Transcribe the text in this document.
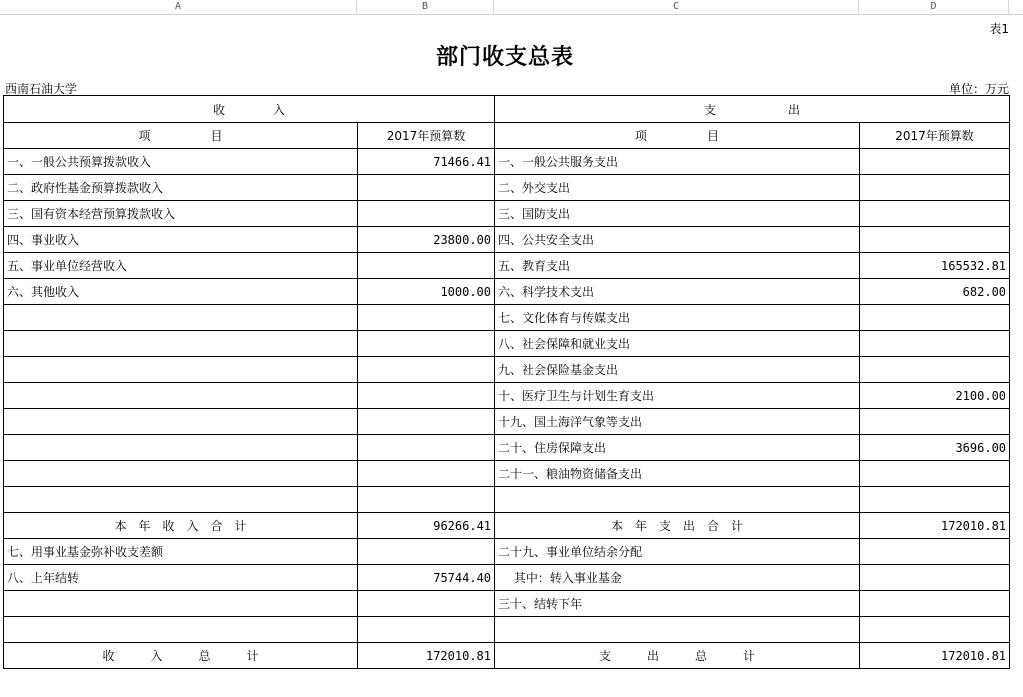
A	B	C	D
表1
部门收支总表
西南石油大学	单位：万元
收　　　　入		支　　　　　　出	
项　　　　　目	2017年预算数	项　　　　　目	2017年预算数
一、一般公共预算拨款收入	71466.41	一、一般公共服务支出	
二、政府性基金预算拨款收入		二、外交支出	
三、国有资本经营预算拨款收入		三、国防支出	
四、事业收入	23800.00	四、公共安全支出	
五、事业单位经营收入		五、教育支出	165532.81
六、其他收入	1000.00	六、科学技术支出	682.00
		七、文化体育与传媒支出	
		八、社会保障和就业支出	
		九、社会保险基金支出	
		十、医疗卫生与计划生育支出	2100.00
		十九、国土海洋气象等支出	
		二十、住房保障支出	3696.00
		二十一、粮油物资储备支出	

本　年　收　入　合　计	96266.41	本　年　支　出　合　计	172010.81
七、用事业基金弥补收支差额		二十九、事业单位结余分配	
八、上年结转	75744.40	　 其中：转入事业基金	
		三十、结转下年	

收　　　入　　　总　　　计	172010.81	支　　　出　　　总　　　计	172010.81
